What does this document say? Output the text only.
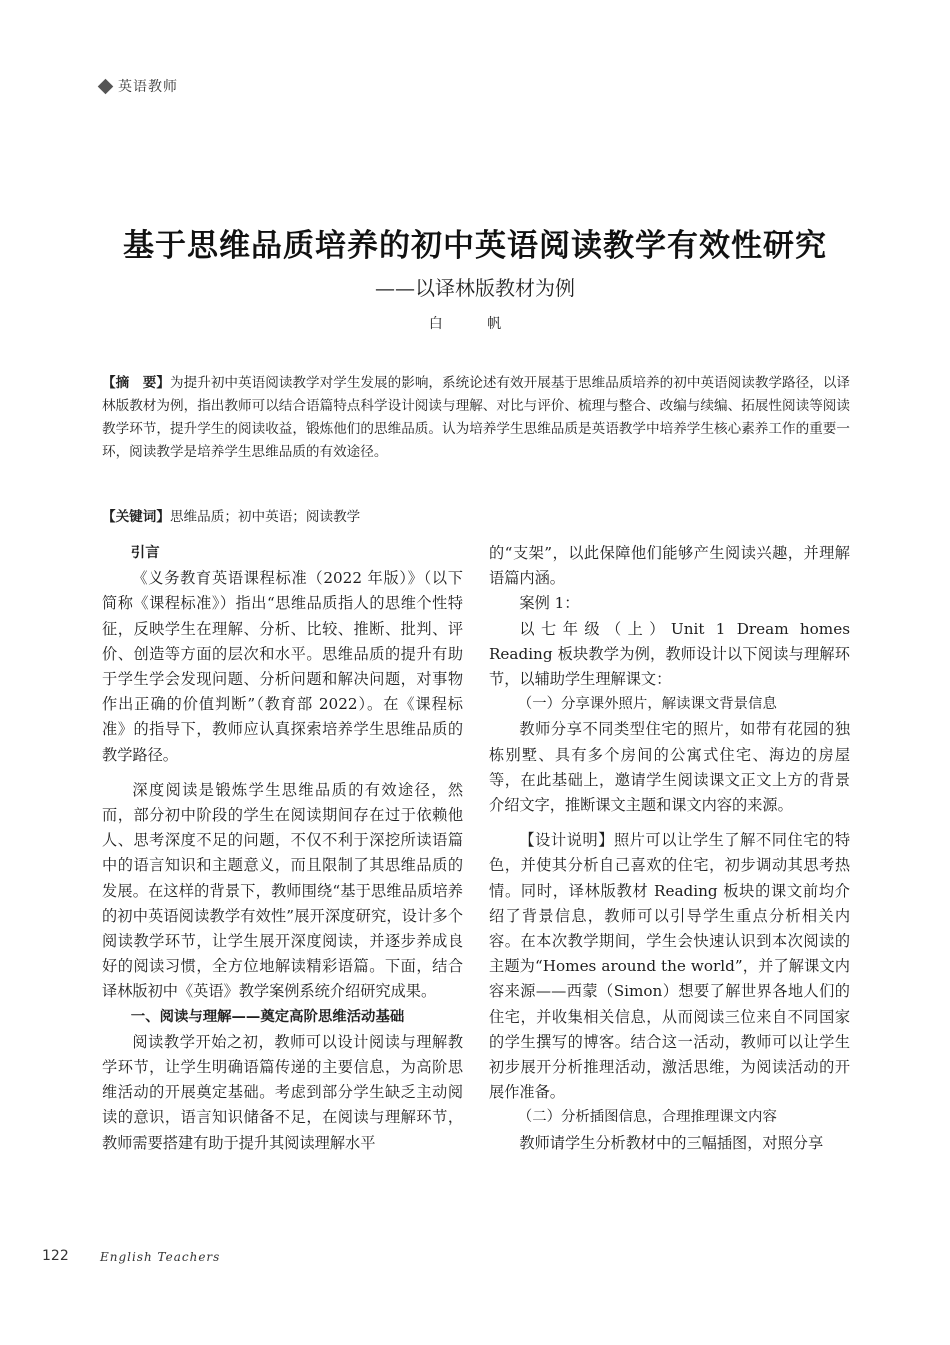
英语教师
基于思维品质培养的初中英语阅读教学有效性研究
——以译林版教材为例
白 帆
【摘　要】为提升初中英语阅读教学对学生发展的影响，系统论述有效开展基于思维品质培养的初中英语阅读教学路径，以译林版教材为例，指出教师可以结合语篇特点科学设计阅读与理解、对比与评价、梳理与整合、改编与续编、拓展性阅读等阅读教学环节，提升学生的阅读收益，锻炼他们的思维品质。认为培养学生思维品质是英语教学中培养学生核心素养工作的重要一环，阅读教学是培养学生思维品质的有效途径。
【关键词】思维品质；初中英语；阅读教学

引言

《义务教育英语课程标准（2022 年版）》（以下简称《课程标准》）指出“思维品质指人的思维个性特征，反映学生在理解、分析、比较、推断、批判、评价、创造等方面的层次和水平。思维品质的提升有助于学生学会发现问题、分析问题和解决问题，对事物作出正确的价值判断”（教育部 2022）。在《课程标准》的指导下，教师应认真探索培养学生思维品质的教学路径。

深度阅读是锻炼学生思维品质的有效途径，然而，部分初中阶段的学生在阅读期间存在过于依赖他人、思考深度不足的问题，不仅不利于深挖所读语篇中的语言知识和主题意义，而且限制了其思维品质的发展。在这样的背景下，教师围绕“基于思维品质培养的初中英语阅读教学有效性”展开深度研究，设计多个阅读教学环节，让学生展开深度阅读，并逐步养成良好的阅读习惯，全方位地解读精彩语篇。下面，结合译林版初中《英语》教学案例系统介绍研究成果。

一、阅读与理解——奠定高阶思维活动基础

阅读教学开始之初，教师可以设计阅读与理解教学环节，让学生明确语篇传递的主要信息，为高阶思维活动的开展奠定基础。考虑到部分学生缺乏主动阅读的意识，语言知识储备不足，在阅读与理解环节，教师需要搭建有助于提升其阅读理解水平

的“支架”，以此保障他们能够产生阅读兴趣，并理解语篇内涵。

案例 1：

以七年级（上）Unit 1 Dream homes Reading 板块教学为例，教师设计以下阅读与理解环节，以辅助学生理解课文：

（一）分享课外照片，解读课文背景信息

教师分享不同类型住宅的照片，如带有花园的独栋别墅、具有多个房间的公寓式住宅、海边的房屋等，在此基础上，邀请学生阅读课文正文上方的背景介绍文字，推断课文主题和课文内容的来源。

【设计说明】照片可以让学生了解不同住宅的特色，并使其分析自己喜欢的住宅，初步调动其思考热情。同时，译林版教材 Reading 板块的课文前均介绍了背景信息，教师可以引导学生重点分析相关内容。在本次教学期间，学生会快速认识到本次阅读的主题为“Homes around the world”，并了解课文内容来源——西蒙（Simon）想要了解世界各地人们的住宅，并收集相关信息，从而阅读三位来自不同国家的学生撰写的博客。结合这一活动，教师可以让学生初步展开分析推理活动，激活思维，为阅读活动的开展作准备。

（二）分析插图信息，合理推理课文内容

教师请学生分析教材中的三幅插图，对照分享

122	English Teachers
